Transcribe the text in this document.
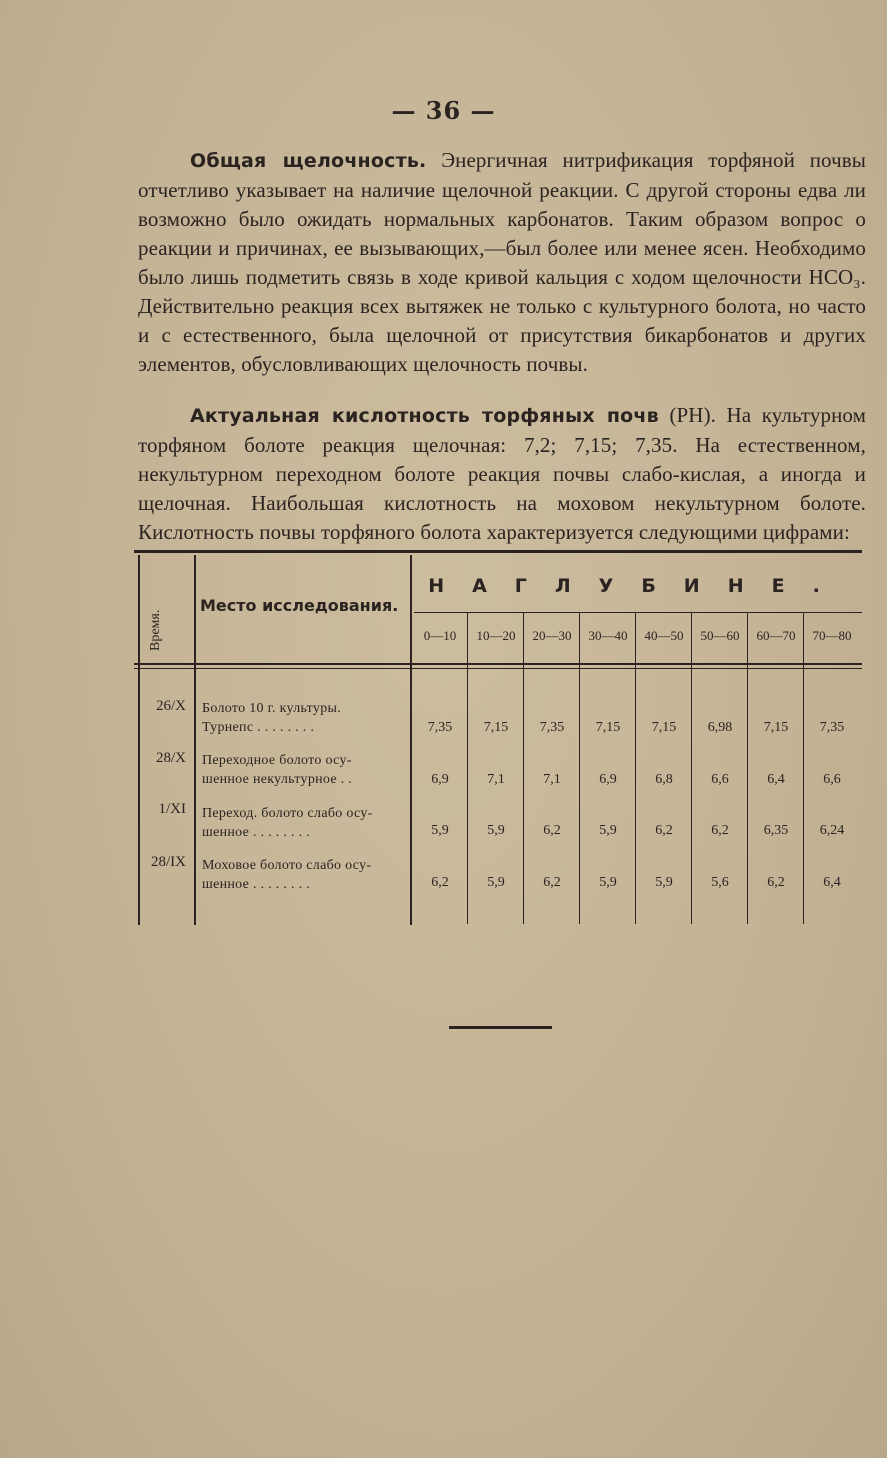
— 36 —
Общая щелочность. Энергичная нитрификация торфяной почвы отчетливо указывает на наличие щелочной реакции. С другой стороны едва ли возможно было ожидать нормальных карбонатов. Таким образом вопрос о реакции и причинах, ее вызывающих,—был более или менее ясен. Необходимо было лишь подметить связь в ходе кривой кальция с ходом щелочности НСО₃. Действительно реакция всех вытяжек не только с культурного болота, но часто и с естественного, была щелочной от присутствия бикарбонатов и других элементов, обусловливающих щелочность почвы.
Актуальная кислотность торфяных почв (PH). На культурном торфяном болоте реакция щелочная: 7,2; 7,15; 7,35. На естественном, некультурном переходном болоте реакция почвы слабо-кислая, а иногда и щелочная. Наибольшая кислотность на моховом некультурном болоте. Кислотность почвы торфяного болота характеризуется следующими цифрами:
Время.
Место исследования.
НАГЛУБИНЕ.
0—10	10—20	20—30	30—40	40—50	50—60	60—70	70—80
26/X Болото 10 г. культуры.
Турнепс . . . . . . . .	7,35	7,15	7,35	7,15	7,15	6,98	7,15	7,35
28/X Переходное болото осу-
шенное некультурное . .	6,9	7,1	7,1	6,9	6,8	6,6	6,4	6,6
1/XI Переход. болото слабо осу-
шенное . . . . . . . .	5,9	5,9	6,2	5,9	6,2	6,2	6,35	6,24
28/IX Моховое болото слабо осу-
шенное . . . . . . . .	6,2	5,9	6,2	5,9	5,9	5,6	6,2	6,4
